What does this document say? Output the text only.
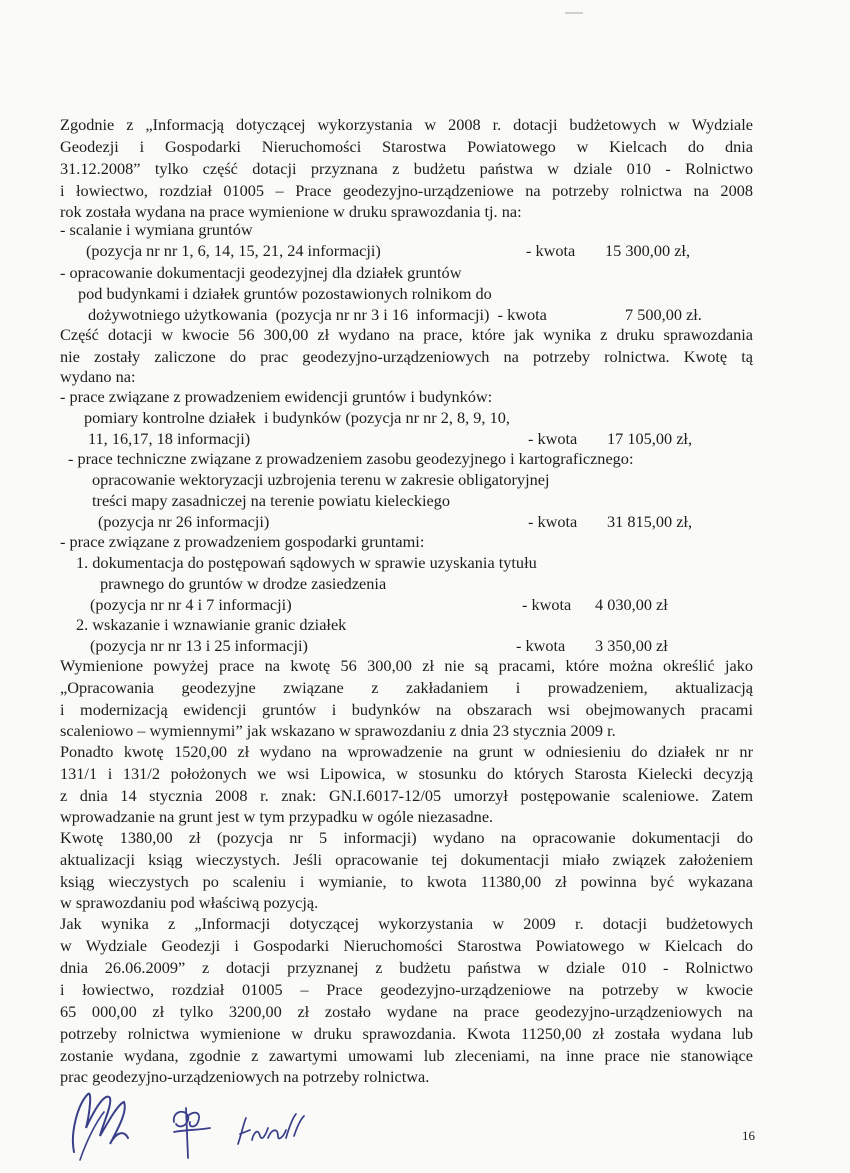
Zgodnie z „Informacją dotyczącej wykorzystania w 2008 r. dotacji budżetowych w Wydziale
Geodezji i Gospodarki Nieruchomości Starostwa Powiatowego w Kielcach do dnia
31.12.2008” tylko część dotacji przyznana z budżetu państwa w dziale 010 - Rolnictwo
i łowiectwo, rozdział 01005 – Prace geodezyjno-urządzeniowe na potrzeby rolnictwa na 2008
rok została wydana na prace wymienione w druku sprawozdania tj. na:
- scalanie i wymiana gruntów
(pozycja nr nr 1, 6, 14, 15, 21, 24 informacji)	- kwota 15 300,00 zł,
- opracowanie dokumentacji geodezyjnej dla działek gruntów
pod budynkami i działek gruntów pozostawionych rolnikom do
dożywotniego użytkowania  (pozycja nr nr 3 i 16  informacji)  - kwota	7 500,00 zł.
Część dotacji w kwocie 56 300,00 zł wydano na prace, które jak wynika z druku sprawozdania
nie zostały zaliczone do prac geodezyjno-urządzeniowych na potrzeby rolnictwa. Kwotę tą
wydano na:
- prace związane z prowadzeniem ewidencji gruntów i budynków:
pomiary kontrolne działek  i budynków (pozycja nr nr 2, 8, 9, 10,
11, 16,17, 18 informacji)	- kwota 17 105,00 zł,
- prace techniczne związane z prowadzeniem zasobu geodezyjnego i kartograficznego:
opracowanie wektoryzacji uzbrojenia terenu w zakresie obligatoryjnej
treści mapy zasadniczej na terenie powiatu kieleckiego
(pozycja nr 26 informacji)	- kwota 31 815,00 zł,
- prace związane z prowadzeniem gospodarki gruntami:
1. dokumentacja do postępowań sądowych w sprawie uzyskania tytułu
prawnego do gruntów w drodze zasiedzenia
(pozycja nr nr 4 i 7 informacji)	- kwota 4 030,00 zł
2. wskazanie i wznawianie granic działek
(pozycja nr nr 13 i 25 informacji)	- kwota 3 350,00 zł
Wymienione powyżej prace na kwotę 56 300,00 zł nie są pracami, które można określić jako
„Opracowania geodezyjne związane z zakładaniem i prowadzeniem, aktualizacją
i modernizacją ewidencji gruntów i budynków na obszarach wsi obejmowanych pracami
scaleniowo – wymiennymi” jak wskazano w sprawozdaniu z dnia 23 stycznia 2009 r.
Ponadto kwotę 1520,00 zł wydano na wprowadzenie na grunt w odniesieniu do działek nr nr
131/1 i 131/2 położonych we wsi Lipowica, w stosunku do których Starosta Kielecki decyzją
z dnia 14 stycznia 2008 r. znak: GN.I.6017-12/05 umorzył postępowanie scaleniowe. Zatem
wprowadzanie na grunt jest w tym przypadku w ogóle niezasadne.
Kwotę 1380,00 zł (pozycja nr 5 informacji) wydano na opracowanie dokumentacji do
aktualizacji ksiąg wieczystych. Jeśli opracowanie tej dokumentacji miało związek założeniem
ksiąg wieczystych po scaleniu i wymianie, to kwota 11380,00 zł powinna być wykazana
w sprawozdaniu pod właściwą pozycją.
Jak wynika z „Informacji dotyczącej wykorzystania w 2009 r. dotacji budżetowych
w Wydziale Geodezji i Gospodarki Nieruchomości Starostwa Powiatowego w Kielcach do
dnia 26.06.2009” z dotacji przyznanej z budżetu państwa w dziale 010 - Rolnictwo
i łowiectwo, rozdział 01005 – Prace geodezyjno-urządzeniowe na potrzeby w kwocie
65 000,00 zł tylko 3200,00 zł zostało wydane na prace geodezyjno-urządzeniowych na
potrzeby rolnictwa wymienione w druku sprawozdania. Kwota 11250,00 zł została wydana lub
zostanie wydana, zgodnie z zawartymi umowami lub zleceniami, na inne prace nie stanowiące
prac geodezyjno-urządzeniowych na potrzeby rolnictwa.
16
